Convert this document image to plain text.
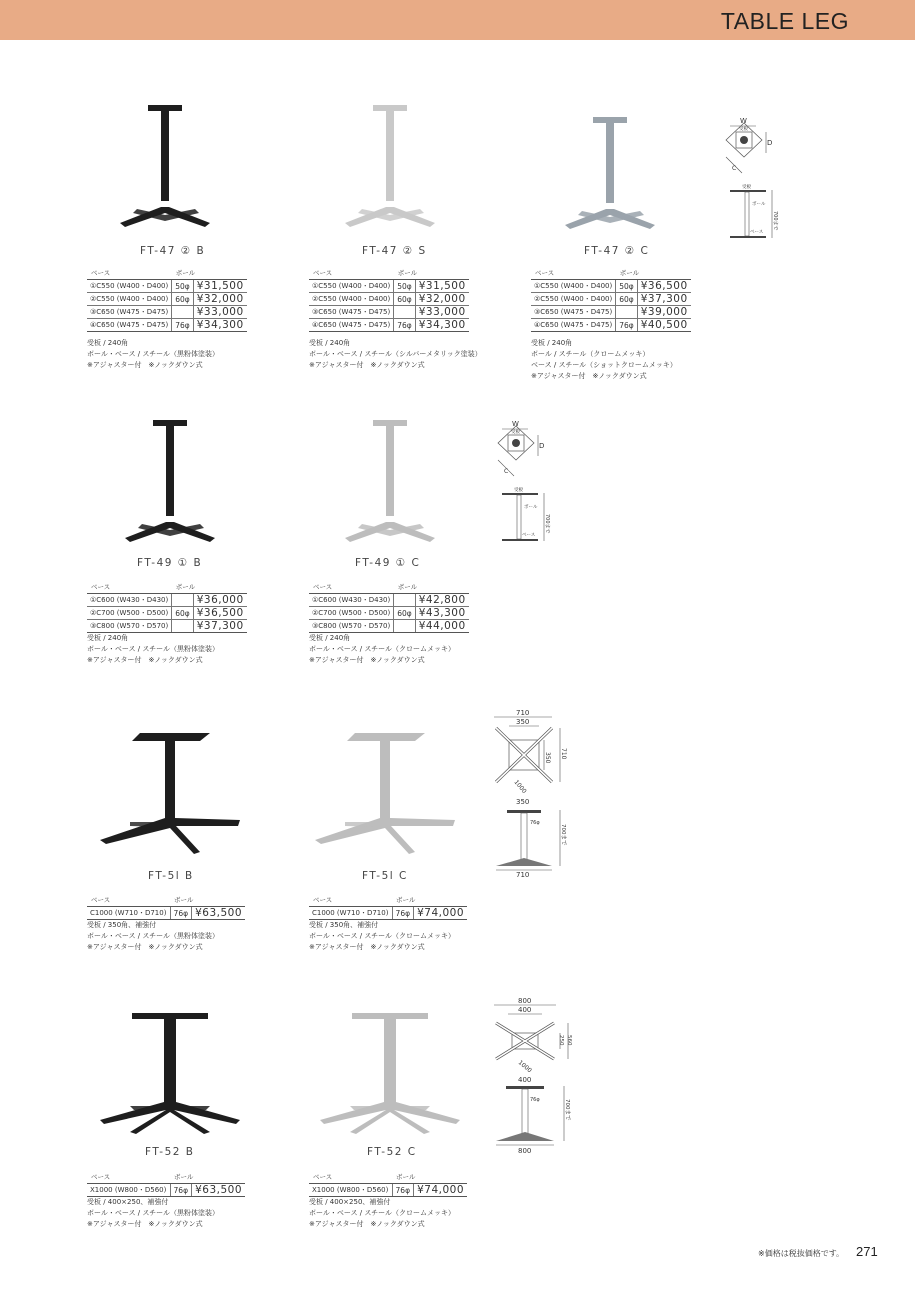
TABLE LEG
FT-47 ② B
ベース	ボール	
①C550 (W400・D400)	50φ	¥31,500
②C550 (W400・D400)	60φ	¥32,000
③C650 (W475・D475)		¥33,000
④C650 (W475・D475)	76φ	¥34,300
受板 / 240角
ボール・ベース / スチール（黒粉体塗装）
※アジャスター付　※ノックダウン式
FT-47 ② S
ベース	ボール	
①C550 (W400・D400)	50φ	¥31,500
②C550 (W400・D400)	60φ	¥32,000
③C650 (W475・D475)		¥33,000
④C650 (W475・D475)	76φ	¥34,300
受板 / 240角
ボール・ベース / スチール（シルバーメタリック塗装）
※アジャスター付　※ノックダウン式
FT-47 ② C
ベース	ボール	
①C550 (W400・D400)	50φ	¥36,500
②C550 (W400・D400)	60φ	¥37,300
③C650 (W475・D475)		¥39,000
④C650 (W475・D475)	76φ	¥40,500
受板 / 240角
ボール / スチール（クロームメッキ）
ベース / スチール（ショットクロームメッキ）
※アジャスター付　※ノックダウン式
FT-49 ① B
ベース	ボール	
①C600 (W430・D430)		¥36,000
②C700 (W500・D500)	60φ	¥36,500
③C800 (W570・D570)		¥37,300
受板 / 240角
ボール・ベース / スチール（黒粉体塗装）
※アジャスター付　※ノックダウン式
FT-49 ① C
ベース	ボール	
①C600 (W430・D430)		¥42,800
②C700 (W500・D500)	60φ	¥43,300
③C800 (W570・D570)		¥44,000
受板 / 240角
ボール・ベース / スチール（クロームメッキ）
※アジャスター付　※ノックダウン式
FT-5l B
ベース	ボール	
C1000 (W710・D710)	76φ	¥63,500
受板 / 350角、補強付
ボール・ベース / スチール（黒粉体塗装）
※アジャスター付　※ノックダウン式
FT-5l C
ベース	ボール	
C1000 (W710・D710)	76φ	¥74,000
受板 / 350角、補強付
ボール・ベース / スチール（クロームメッキ）
※アジャスター付　※ノックダウン式
FT-52 B
ベース	ボール	
X1000 (W800・D560)	76φ	¥63,500
受板 / 400×250、補強付
ボール・ベース / スチール（黒粉体塗装）
※アジャスター付　※ノックダウン式
FT-52 C
ベース	ボール	
X1000 (W800・D560)	76φ	¥74,000
受板 / 400×250、補強付
ボール・ベース / スチール（クロームメッキ）
※アジャスター付　※ノックダウン式
W
受板
D
C
受板
ボール
ベース
700まで
W
受板
D
C
受板
ボール
ベース
700まで
710
350
350 710
1000
350
76φ
700まで
710
800
400
250 560
1000
400
76φ	700まで
800
※価格は税抜価格です。 271
